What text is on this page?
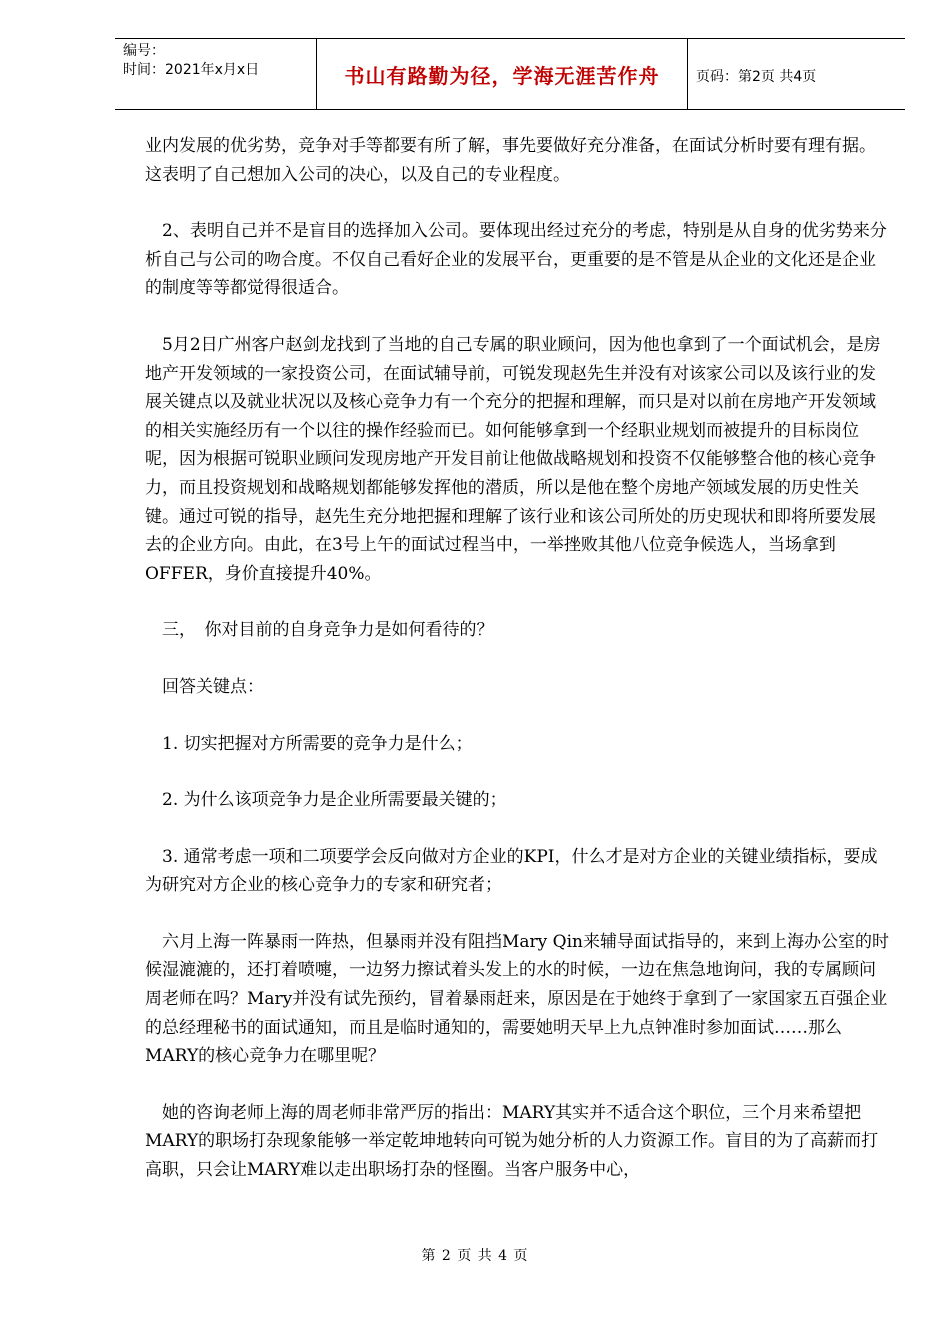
编号：
时间：2021年x月x日	书山有路勤为径，学海无涯苦作舟	页码：第2页 共4页

业内发展的优劣势，竞争对手等都要有所了解，事先要做好充分准备，在面试分析时要有理有据。这表明了自己想加入公司的决心，以及自己的专业程度。

2、表明自己并不是盲目的选择加入公司。要体现出经过充分的考虑，特别是从自身的优劣势来分析自己与公司的吻合度。不仅自己看好企业的发展平台，更重要的是不管是从企业的文化还是企业的制度等等都觉得很适合。

5月2日广州客户赵剑龙找到了当地的自己专属的职业顾问，因为他也拿到了一个面试机会，是房地产开发领域的一家投资公司，在面试辅导前，可锐发现赵先生并没有对该家公司以及该行业的发展关键点以及就业状况以及核心竞争力有一个充分的把握和理解，而只是对以前在房地产开发领域的相关实施经历有一个以往的操作经验而已。如何能够拿到一个经职业规划而被提升的目标岗位呢，因为根据可锐职业顾问发现房地产开发目前让他做战略规划和投资不仅能够整合他的核心竞争力，而且投资规划和战略规划都能够发挥他的潜质，所以是他在整个房地产领域发展的历史性关键。通过可锐的指导，赵先生充分地把握和理解了该行业和该公司所处的历史现状和即将所要发展去的企业方向。由此，在3号上午的面试过程当中，一举挫败其他八位竞争候选人，当场拿到OFFER，身价直接提升40%。

三，　你对目前的自身竞争力是如何看待的？

回答关键点：

1. 切实把握对方所需要的竞争力是什么；

2. 为什么该项竞争力是企业所需要最关键的；

3. 通常考虑一项和二项要学会反向做对方企业的KPI，什么才是对方企业的关键业绩指标，要成为研究对方企业的核心竞争力的专家和研究者；

六月上海一阵暴雨一阵热，但暴雨并没有阻挡Mary Qin来辅导面试指导的，来到上海办公室的时候湿漉漉的，还打着喷嚏，一边努力擦试着头发上的水的时候，一边在焦急地询问，我的专属顾问周老师在吗？Mary并没有试先预约，冒着暴雨赶来，原因是在于她终于拿到了一家国家五百强企业的总经理秘书的面试通知，而且是临时通知的，需要她明天早上九点钟准时参加面试……那么MARY的核心竞争力在哪里呢？

她的咨询老师上海的周老师非常严厉的指出：MARY其实并不适合这个职位，三个月来希望把MARY的职场打杂现象能够一举定乾坤地转向可锐为她分析的人力资源工作。盲目的为了高薪而打高职，只会让MARY难以走出职场打杂的怪圈。当客户服务中心，

第 2 页 共 4 页
